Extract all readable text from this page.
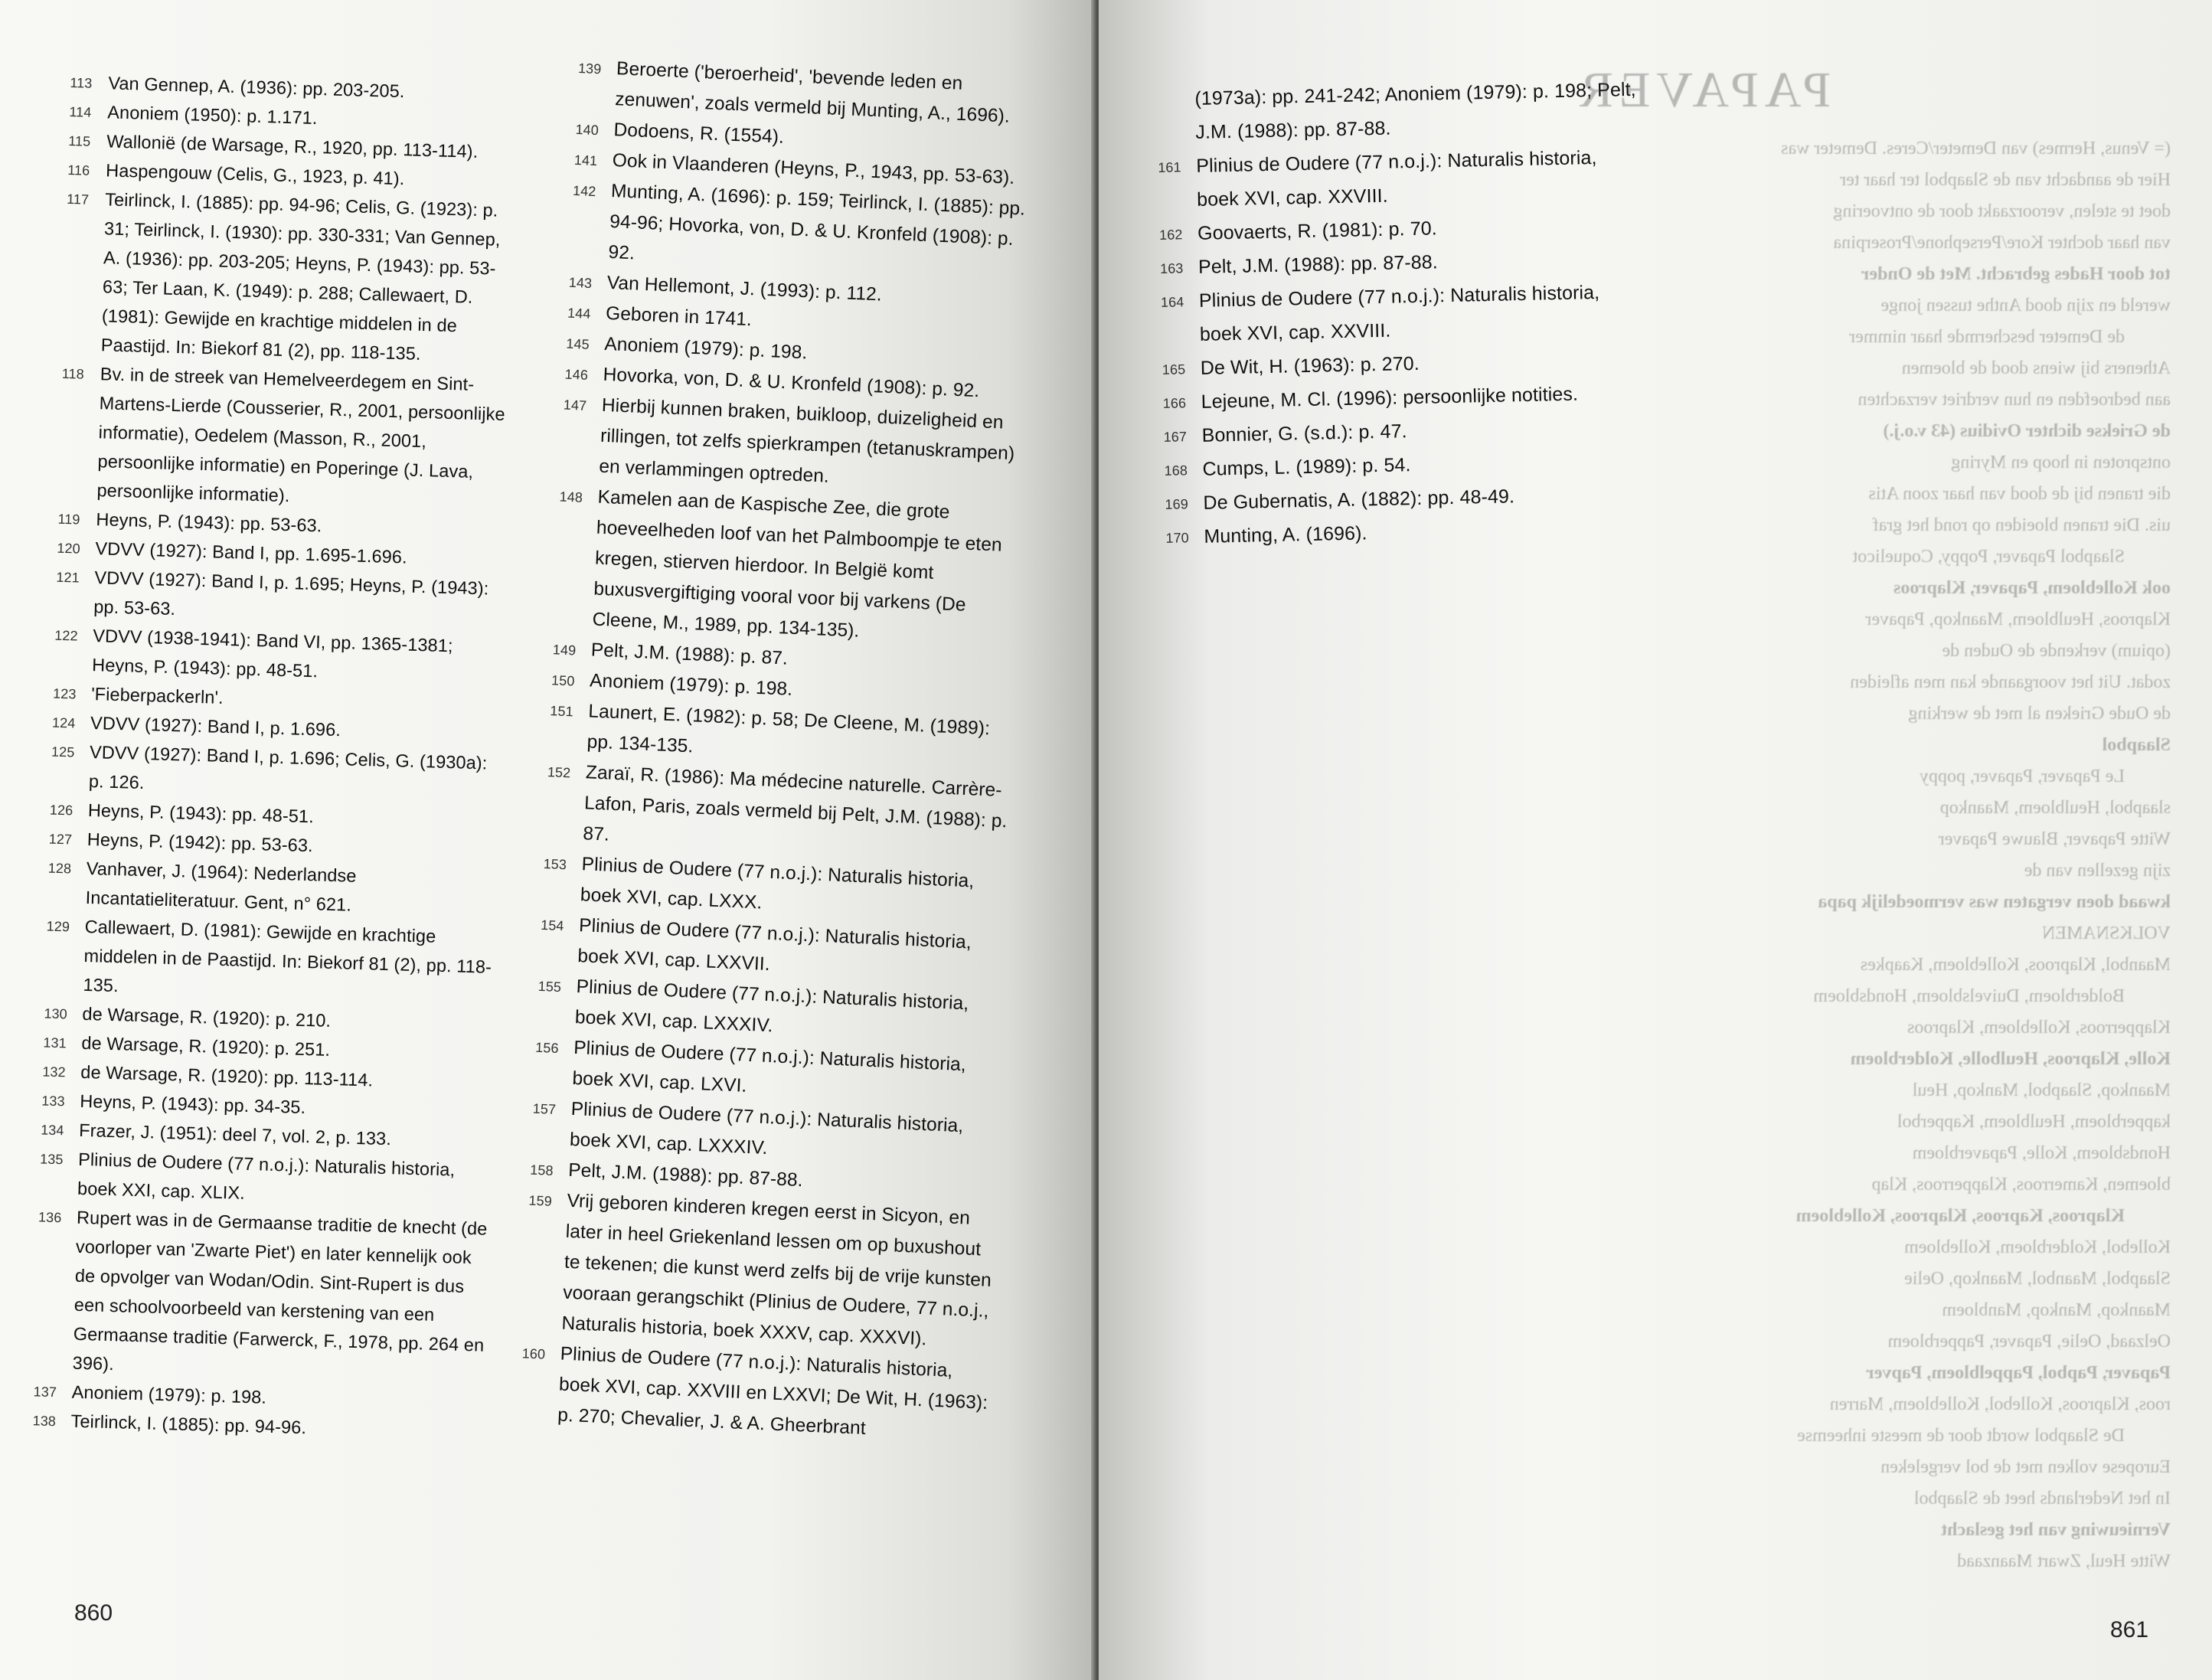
113 Van Gennep, A. (1936): pp. 203-205.
114 Anoniem (1950): p. 1.171.
115 Wallonië (de Warsage, R., 1920, pp. 113-114).
116 Haspengouw (Celis, G., 1923, p. 41).
117 Teirlinck, I. (1885): pp. 94-96; Celis, G. (1923): p. 31; Teirlinck, I. (1930): pp. 330-331; Van Gennep, A. (1936): pp. 203-205; Heyns, P. (1943): pp. 53-63; Ter Laan, K. (1949): p. 288; Callewaert, D. (1981): Gewijde en krachtige middelen in de Paastijd. In: Biekorf 81 (2), pp. 118-135.
118 Bv. in de streek van Hemelveerdegem en Sint-Martens-Lierde (Cousserier, R., 2001, persoonlijke informatie), Oedelem (Masson, R., 2001, persoonlijke informatie) en Poperinge (J. Lava, persoonlijke informatie).
119 Heyns, P. (1943): pp. 53-63.
120 VDVV (1927): Band I, pp. 1.695-1.696.
121 VDVV (1927): Band I, p. 1.695; Heyns, P. (1943): pp. 53-63.
122 VDVV (1938-1941): Band VI, pp. 1365-1381; Heyns, P. (1943): pp. 48-51.
123 'Fieberpackerln'.
124 VDVV (1927): Band I, p. 1.696.
125 VDVV (1927): Band I, p. 1.696; Celis, G. (1930a): p. 126.
126 Heyns, P. (1943): pp. 48-51.
127 Heyns, P. (1942): pp. 53-63.
128 Vanhaver, J. (1964): Nederlandse Incantatieliteratuur. Gent, n° 621.
129 Callewaert, D. (1981): Gewijde en krachtige middelen in de Paastijd. In: Biekorf 81 (2), pp. 118-135.
130 de Warsage, R. (1920): p. 210.
131 de Warsage, R. (1920): p. 251.
132 de Warsage, R. (1920): pp. 113-114.
133 Heyns, P. (1943): pp. 34-35.
134 Frazer, J. (1951): deel 7, vol. 2, p. 133.
135 Plinius de Oudere (77 n.o.j.): Naturalis historia, boek XXI, cap. XLIX.
136 Rupert was in de Germaanse traditie de knecht (de voorloper van 'Zwarte Piet') en later kennelijk ook de opvolger van Wodan/Odin. Sint-Rupert is dus een schoolvoorbeeld van kerstening van een Germaanse traditie (Farwerck, F., 1978, pp. 264 en 396).
137 Anoniem (1979): p. 198.
138 Teirlinck, I. (1885): pp. 94-96.
139 Beroerte ('beroerheid', 'bevende leden en zenuwen', zoals vermeld bij Munting, A., 1696).
140 Dodoens, R. (1554).
141 Ook in Vlaanderen (Heyns, P., 1943, pp. 53-63).
142 Munting, A. (1696): p. 159; Teirlinck, I. (1885): pp. 94-96; Hovorka, von, D. & U. Kronfeld (1908): p. 92.
143 Van Hellemont, J. (1993): p. 112.
144 Geboren in 1741.
145 Anoniem (1979): p. 198.
146 Hovorka, von, D. & U. Kronfeld (1908): p. 92.
147 Hierbij kunnen braken, buikloop, duizeligheid en rillingen, tot zelfs spierkrampen (tetanuskrampen) en verlammingen optreden.
148 Kamelen aan de Kaspische Zee, die grote hoeveelheden loof van het Palmboompje te eten kregen, stierven hierdoor. In België komt buxusvergiftiging vooral voor bij varkens (De Cleene, M., 1989, pp. 134-135).
149 Pelt, J.M. (1988): p. 87.
150 Anoniem (1979): p. 198.
151 Launert, E. (1982): p. 58; De Cleene, M. (1989): pp. 134-135.
152 Zaraï, R. (1986): Ma médecine naturelle. Carrère-Lafon, Paris, zoals vermeld bij Pelt, J.M. (1988): p. 87.
153 Plinius de Oudere (77 n.o.j.): Naturalis historia, boek XVI, cap. LXXX.
154 Plinius de Oudere (77 n.o.j.): Naturalis historia, boek XVI, cap. LXXVII.
155 Plinius de Oudere (77 n.o.j.): Naturalis historia, boek XVI, cap. LXXXIV.
156 Plinius de Oudere (77 n.o.j.): Naturalis historia, boek XVI, cap. LXVI.
157 Plinius de Oudere (77 n.o.j.): Naturalis historia, boek XVI, cap. LXXXIV.
158 Pelt, J.M. (1988): pp. 87-88.
159 Vrij geboren kinderen kregen eerst in Sicyon, en later in heel Griekenland lessen om op buxushout te tekenen; die kunst werd zelfs bij de vrije kunsten vooraan gerangschikt (Plinius de Oudere, 77 n.o.j., Naturalis historia, boek XXXV, cap. XXXVI).
160 Plinius de Oudere (77 n.o.j.): Naturalis historia, boek XVI, cap. XXVIII en LXXVI; De Wit, H. (1963): p. 270; Chevalier, J. & A. Gheerbrant
860
(1973a): pp. 241-242; Anoniem (1979): p. 198; Pelt, J.M. (1988): pp. 87-88.
161 Plinius de Oudere (77 n.o.j.): Naturalis historia, boek XVI, cap. XXVIII.
162 Goovaerts, R. (1981): p. 70.
163 Pelt, J.M. (1988): pp. 87-88.
164 Plinius de Oudere (77 n.o.j.): Naturalis historia, boek XVI, cap. XXVIII.
165 De Wit, H. (1963): p. 270.
166 Lejeune, M. Cl. (1996): persoonlijke notities.
167 Bonnier, G. (s.d.): p. 47.
168 Cumps, L. (1989): p. 54.
169 De Gubernatis, A. (1882): pp. 48-49.
170 Munting, A. (1696).
861
PAPAVER
(= Venus, Hermes) van Demeter/Ceres. Demeter was
Hier de aandacht van de Slaapbol ter haar ter
doet te stelen, veroorzaakt door de ontvoering
van haar dochter Kore/Persephone/Proserpina
tot door Hades gebracht. Met de Onder
wereld en zijn dood Anthe tussen jonge
de Demeter beschermde haar nimmer
Atheners bij wiens dood de bloemen
aan bedroefden en hun verdriet verzachten
de Griekse dichter Ovidius (43 v.o.j.)
ontsproten in hoop en Myring
die tranen bij de dood van haar zoon Atis
uis. Die tranen bloeiden op rond het graf
Slaapbol Papaver, Poppy, Coquelicot
ook Kollebloem, Papaver, Klaproos
Klaproos, Heulbloem, Maankop, Papaver
(opium) verkende de Ouden de
zodat. Uit het voorgaande kan men afleiden
de Oude Grieken al met de werking
Slaapbol
Le Papaver, Papaver, poppy
slaapbol, Heulbloem, Maankop
Witte Papaver, Blauwe Papaver
zijn gezellen van de
kwaad doen vergaten was vermoedelijk papa
VOLKSNAMEN
Maanbol, Klaproos, Kollebloem, Kaapkes
Bolderbloem, Duivelsbloem, Hondsbloem
Klapperroos, Kollebloem, Klaproos
Kolle, Klaproos, Heulbolle, Kolderbloem
Maankop, Slaapbol, Mankop, Heul
kapperbloem, Heulbloem, Kapperbol
Hondsbloem, Kolle, Papaverbloem
bloemen, Kamerroos, Klapperroos, Klap
Klaproos, Kaproos, Klaproos, Kollebloem
Kollebol, Kolderbloem, Kollebloem
Slaapbol, Maanbol, Maankop, Oelie
Maankop, Mankop, Manbloem
Oelzaad, Oelie, Papaver, Papperbloem
Papaver, Papbol, Pappelbloem, Papver
roos, Klaproos, Kollebol, Kollebloem, Marren
De Slaapbol wordt door de meeste inheemse
Europese volken met de bol vergeleken
In het Nederlands heet de Slaapbol
Vernieuwing van het geslacht
Witte Heul, Zwart Maanzaad
